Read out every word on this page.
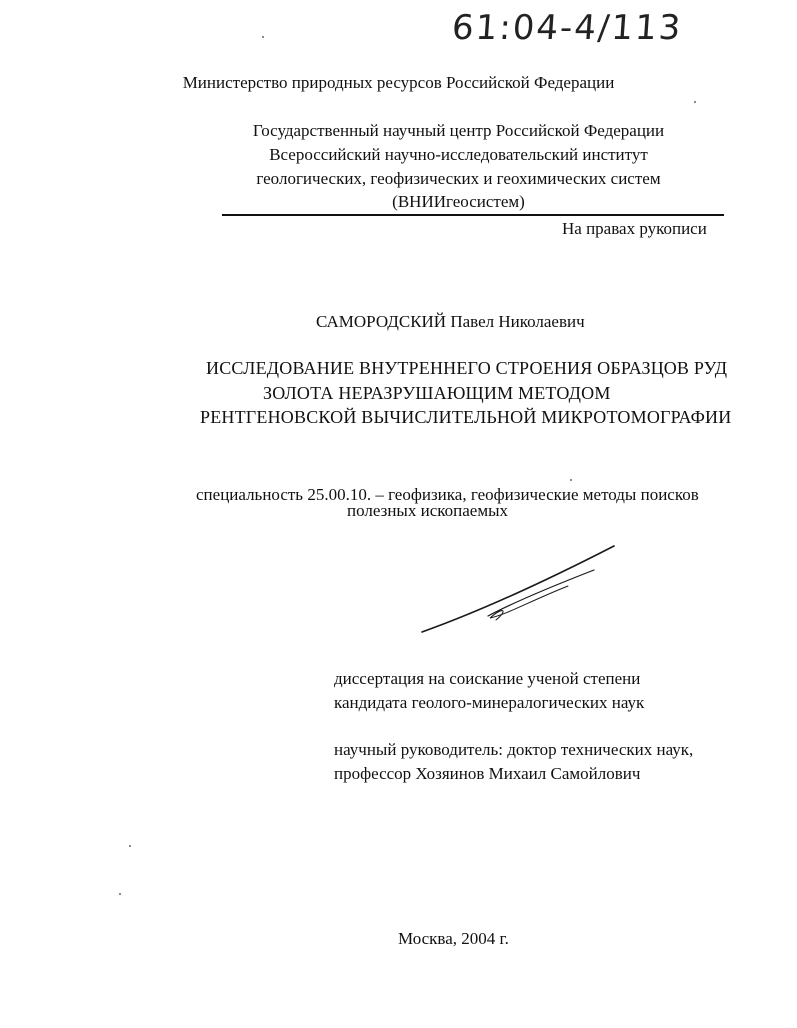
61:04-4/113
Министерство природных ресурсов Российской Федерации
Государственный научный центр Российской Федерации
Всероссийский научно-исследовательский институт
геологических, геофизических и геохимических систем
(ВНИИгеосистем)
На правах рукописи
САМОРОДСКИЙ Павел Николаевич
ИССЛЕДОВАНИЕ ВНУТРЕННЕГО СТРОЕНИЯ ОБРАЗЦОВ РУД
ЗОЛОТА НЕРАЗРУШАЮЩИМ МЕТОДОМ
РЕНТГЕНОВСКОЙ ВЫЧИСЛИТЕЛЬНОЙ МИКРОТОМОГРАФИИ
специальность 25.00.10. – геофизика, геофизические методы поисков
полезных ископаемых
диссертация на соискание ученой степени
кандидата геолого-минералогических наук
научный руководитель: доктор технических наук,
профессор Хозяинов Михаил Самойлович
Москва, 2004 г.
